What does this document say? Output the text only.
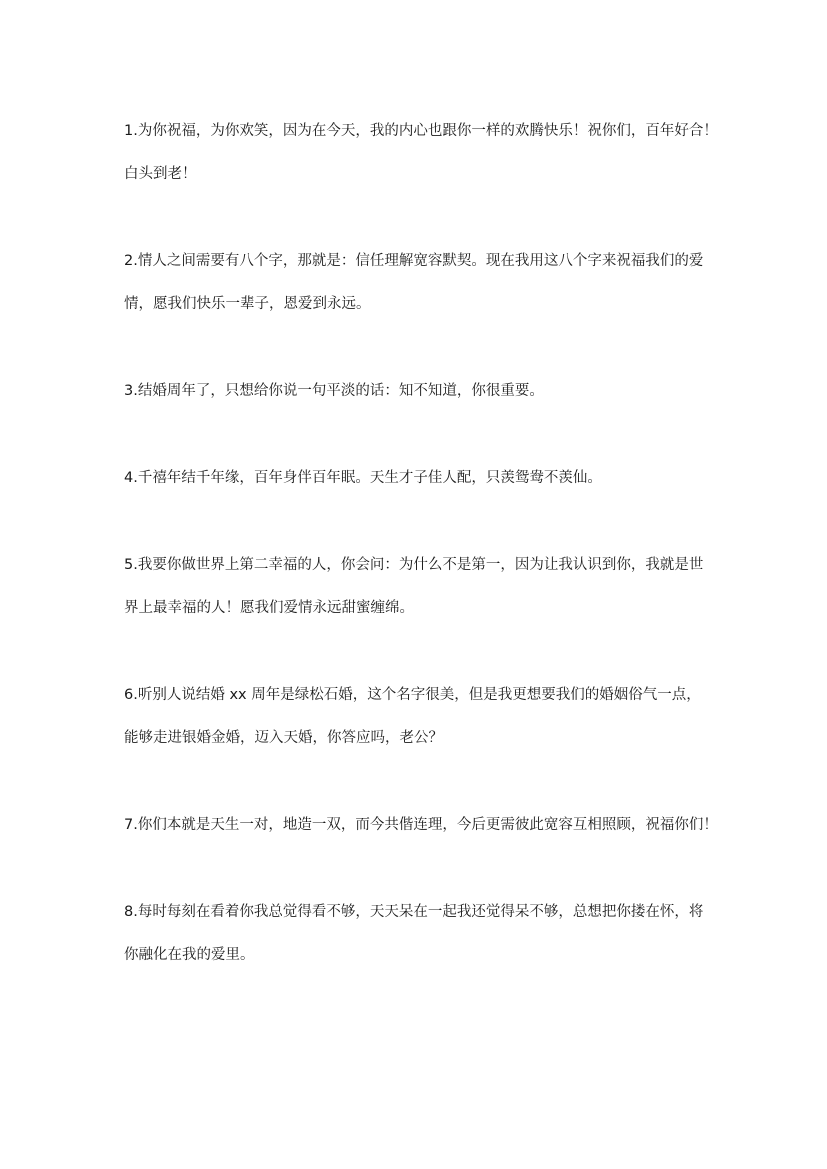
1.为你祝福，为你欢笑，因为在今天，我的内心也跟你一样的欢腾快乐！祝你们，百年好合！
白头到老！

2.情人之间需要有八个字，那就是：信任理解宽容默契。现在我用这八个字来祝福我们的爱
情，愿我们快乐一辈子，恩爱到永远。

3.结婚周年了，只想给你说一句平淡的话：知不知道，你很重要。

4.千禧年结千年缘，百年身伴百年眠。天生才子佳人配，只羡鸳鸯不羡仙。

5.我要你做世界上第二幸福的人，你会问：为什么不是第一，因为让我认识到你，我就是世
界上最幸福的人！愿我们爱情永远甜蜜缠绵。

6.听别人说结婚 xx 周年是绿松石婚，这个名字很美，但是我更想要我们的婚姻俗气一点，
能够走进银婚金婚，迈入天婚，你答应吗，老公？

7.你们本就是天生一对，地造一双，而今共偕连理，今后更需彼此宽容互相照顾，祝福你们！

8.每时每刻在看着你我总觉得看不够，天天呆在一起我还觉得呆不够，总想把你搂在怀，将
你融化在我的爱里。
